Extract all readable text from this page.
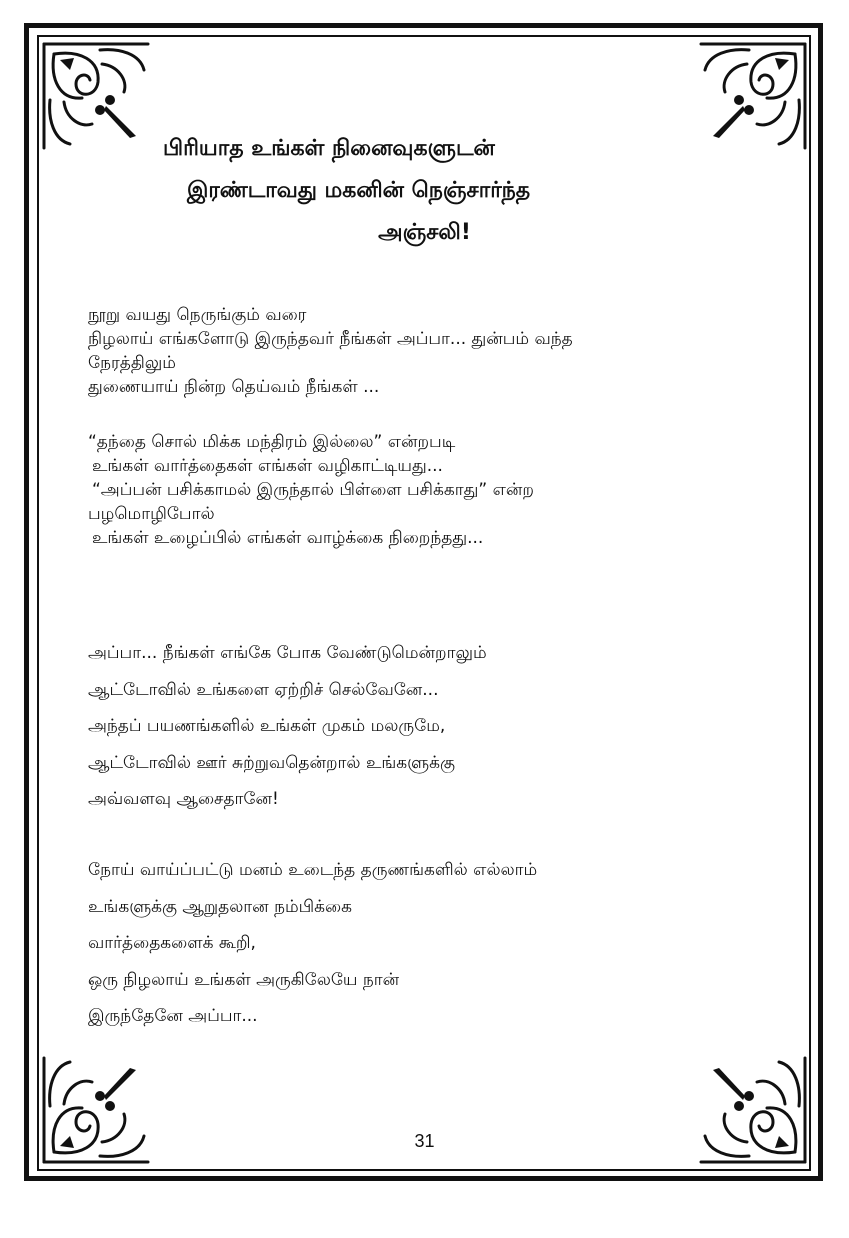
பிரியாத உங்கள் நினைவுகளுடன்
இரண்டாவது மகனின் நெஞ்சார்ந்த
அஞ்சலி!
நூறு வயது நெருங்கும் வரை
நிழலாய் எங்களோடு இருந்தவர் நீங்கள் அப்பா... துன்பம் வந்த
நேரத்திலும்
துணையாய் நின்ற தெய்வம் நீங்கள் ...
“தந்தை சொல் மிக்க மந்திரம் இல்லை” என்றபடி
உங்கள் வார்த்தைகள் எங்கள் வழிகாட்டியது...
“அப்பன் பசிக்காமல் இருந்தால் பிள்ளை பசிக்காது” என்ற
பழமொழிபோல்
உங்கள் உழைப்பில் எங்கள் வாழ்க்கை நிறைந்தது...
அப்பா... நீங்கள் எங்கே போக வேண்டுமென்றாலும்
ஆட்டோவில் உங்களை ஏற்றிச் செல்வேனே...
அந்தப் பயணங்களில் உங்கள் முகம் மலருமே,
ஆட்டோவில் ஊர் சுற்றுவதென்றால் உங்களுக்கு
அவ்வளவு ஆசைதானே!
நோய் வாய்ப்பட்டு மனம் உடைந்த தருணங்களில் எல்லாம்
உங்களுக்கு ஆறுதலான நம்பிக்கை
வார்த்தைகளைக் கூறி,
ஒரு நிழலாய் உங்கள் அருகிலேயே நான்
இருந்தேனே அப்பா...
31
